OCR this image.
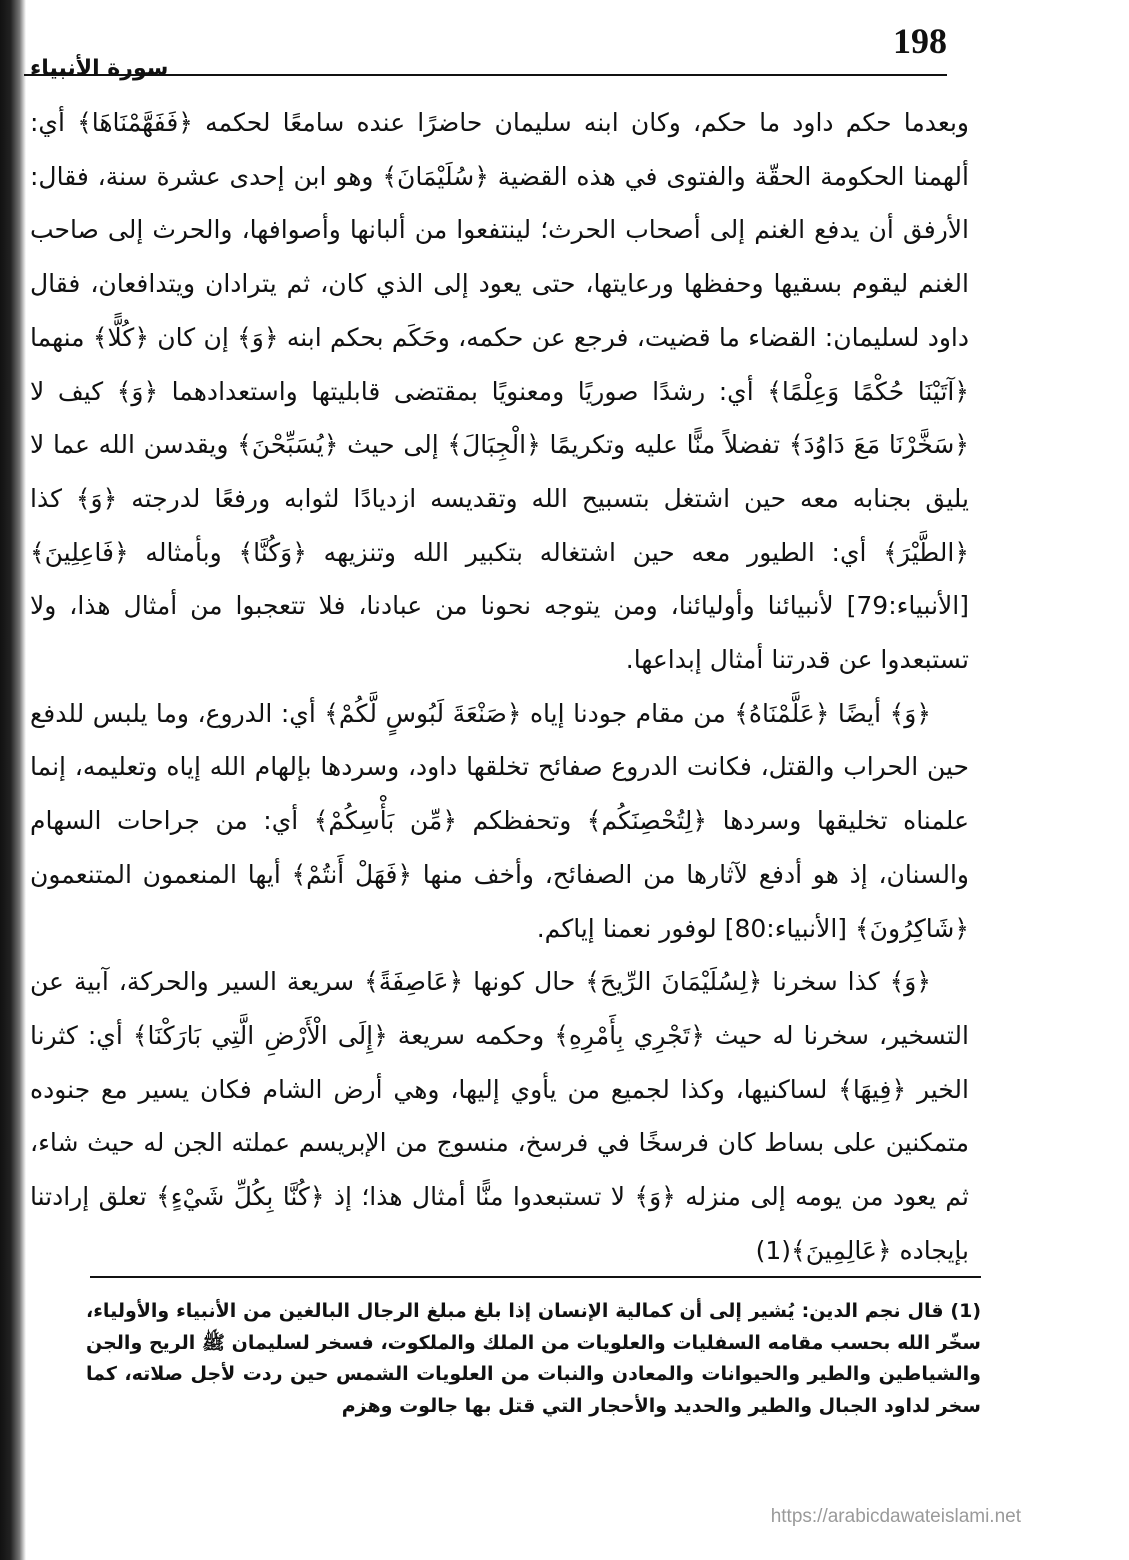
198
سورة الأنبياء

وبعدما حكم داود ما حكم، وكان ابنه سليمان حاضرًا عنده سامعًا لحكمه ﴿فَفَهَّمْنَاهَا﴾ أي: ألهمنا الحكومة الحقّة والفتوى في هذه القضية ﴿سُلَيْمَانَ﴾ وهو ابن إحدى عشرة سنة، فقال: الأرفق أن يدفع الغنم إلى أصحاب الحرث؛ لينتفعوا من ألبانها وأصوافها، والحرث إلى صاحب الغنم ليقوم بسقيها وحفظها ورعايتها، حتى يعود إلى الذي كان، ثم يترادان ويتدافعان، فقال داود لسليمان: القضاء ما قضيت، فرجع عن حكمه، وحَكَم بحكم ابنه ﴿وَ﴾ إن كان ﴿كُلًّا﴾ منهما ﴿آتَيْنَا حُكْمًا وَعِلْمًا﴾ أي: رشدًا صوريًا ومعنويًا بمقتضى قابليتها واستعدادهما ﴿وَ﴾ كيف لا ﴿سَخَّرْنَا مَعَ دَاوُدَ﴾ تفضلاً منًّا عليه وتكريمًا ﴿الْجِبَالَ﴾ إلى حيث ﴿يُسَبِّحْنَ﴾ ويقدسن الله عما لا يليق بجنابه معه حين اشتغل بتسبيح الله وتقديسه ازديادًا لثوابه ورفعًا لدرجته ﴿وَ﴾ كذا ﴿الطَّيْرَ﴾ أي: الطيور معه حين اشتغاله بتكبير الله وتنزيهه ﴿وَكُنَّا﴾ وبأمثاله ﴿فَاعِلِينَ﴾ [الأنبياء:79] لأنبيائنا وأوليائنا، ومن يتوجه نحونا من عبادنا، فلا تتعجبوا من أمثال هذا، ولا تستبعدوا عن قدرتنا أمثال إبداعها.

﴿وَ﴾ أيضًا ﴿عَلَّمْنَاهُ﴾ من مقام جودنا إياه ﴿صَنْعَةَ لَبُوسٍ لَّكُمْ﴾ أي: الدروع، وما يلبس للدفع حين الحراب والقتل، فكانت الدروع صفائح تخلقها داود، وسردها بإلهام الله إياه وتعليمه، إنما علمناه تخليقها وسردها ﴿لِتُحْصِنَكُم﴾ وتحفظكم ﴿مِّن بَأْسِكُمْ﴾ أي: من جراحات السهام والسنان، إذ هو أدفع لآثارها من الصفائح، وأخف منها ﴿فَهَلْ أَنتُمْ﴾ أيها المنعمون المتنعمون ﴿شَاكِرُونَ﴾ [الأنبياء:80] لوفور نعمنا إياكم.

﴿وَ﴾ كذا سخرنا ﴿لِسُلَيْمَانَ الرِّيحَ﴾ حال كونها ﴿عَاصِفَةً﴾ سريعة السير والحركة، آبية عن التسخير، سخرنا له حيث ﴿تَجْرِي بِأَمْرِهِ﴾ وحكمه سريعة ﴿إِلَى الْأَرْضِ الَّتِي بَارَكْنَا﴾ أي: كثرنا الخير ﴿فِيهَا﴾ لساكنيها، وكذا لجميع من يأوي إليها، وهي أرض الشام فكان يسير مع جنوده متمكنين على بساط كان فرسخًا في فرسخ، منسوج من الإبريسم عملته الجن له حيث شاء، ثم يعود من يومه إلى منزله ﴿وَ﴾ لا تستبعدوا منًّا أمثال هذا؛ إذ ﴿كُنَّا بِكُلِّ شَيْءٍ﴾ تعلق إرادتنا بإيجاده ﴿عَالِمِينَ﴾(1)

(1) قال نجم الدين: يُشير إلى أن كمالية الإنسان إذا بلغ مبلغ الرجال البالغين من الأنبياء والأولياء، سخّر الله بحسب مقامه السفليات والعلويات من الملك والملكوت، فسخر لسليمان ﷺ الريح والجن والشياطين والطير والحيوانات والمعادن والنبات من العلويات الشمس حين ردت لأجل صلاته، كما سخر لداود الجبال والطير والحديد والأحجار التي قتل بها جالوت وهزم

https://arabicdawateislami.net
